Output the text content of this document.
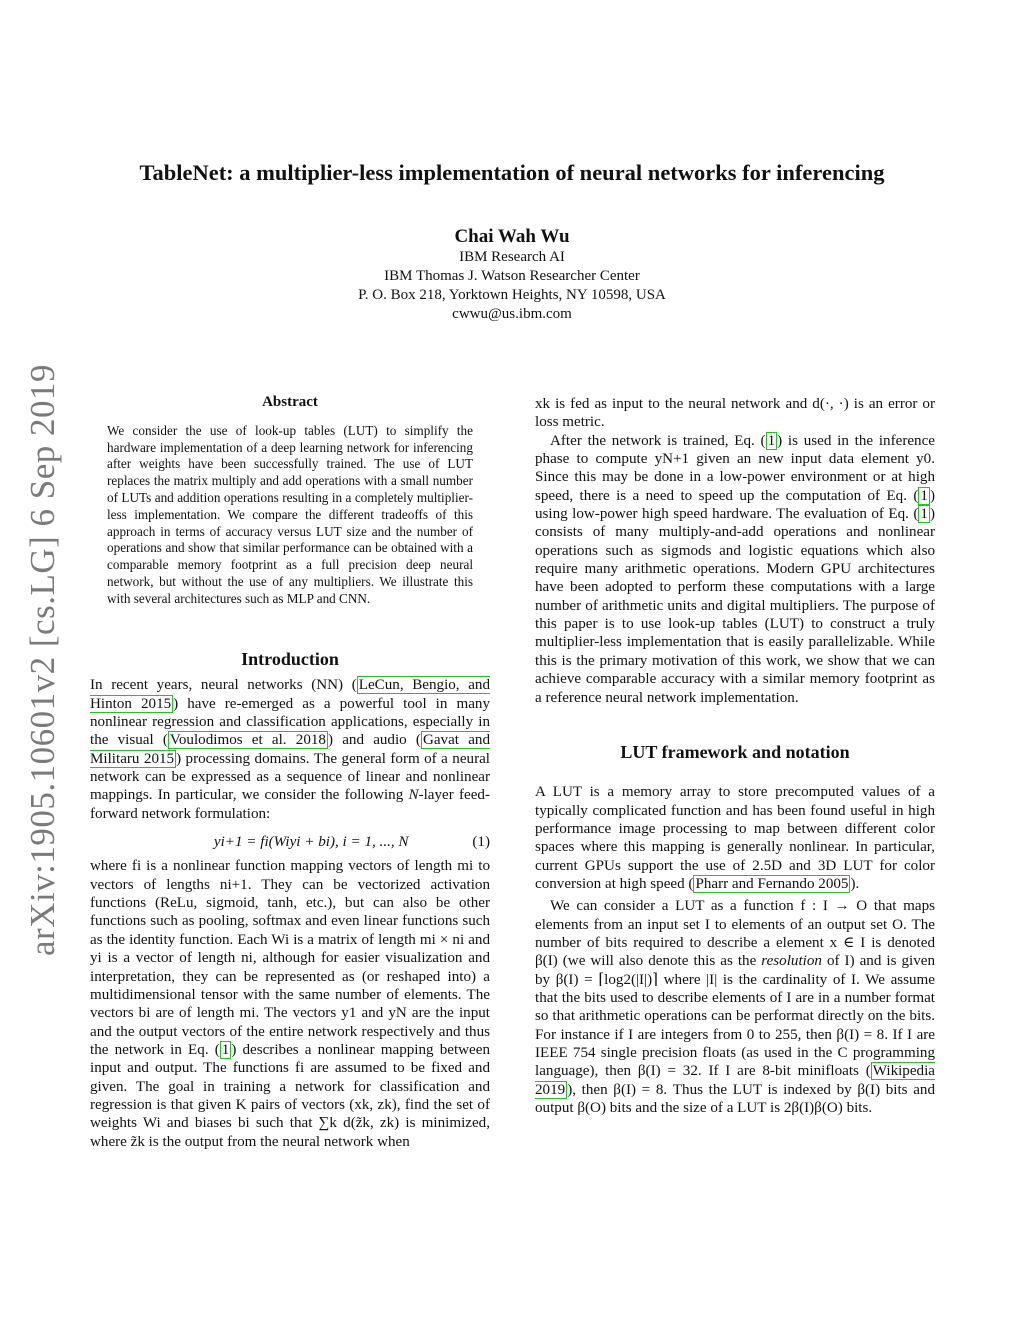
arXiv:1905.10601v2 [cs.LG] 6 Sep 2019
TableNet: a multiplier-less implementation of neural networks for inferencing
Chai Wah Wu
IBM Research AI
IBM Thomas J. Watson Researcher Center
P. O. Box 218, Yorktown Heights, NY 10598, USA
cwwu@us.ibm.com
Abstract

We consider the use of look-up tables (LUT) to simplify the hardware implementation of a deep learning network for inferencing after weights have been successfully trained. The use of LUT replaces the matrix multiply and add operations with a small number of LUTs and addition operations resulting in a completely multiplier-less implementation. We compare the different tradeoffs of this approach in terms of accuracy versus LUT size and the number of operations and show that similar performance can be obtained with a comparable memory footprint as a full precision deep neural network, but without the use of any multipliers. We illustrate this with several architectures such as MLP and CNN.

Introduction

In recent years, neural networks (NN) ( LeCun, Bengio, and Hinton 2015 ) have re-emerged as a powerful tool in many nonlinear regression and classification applications, especially in the visual ( Voulodimos et al. 2018 ) and audio ( Gavat and Militaru 2015 ) processing domains. The general form of a neural network can be expressed as a sequence of linear and nonlinear mappings. In particular, we consider the following N-layer feed-forward network formulation:

yi+1 = fi(Wiyi + bi), i = 1, ..., N	(1)

where fi is a nonlinear function mapping vectors of length mi to vectors of lengths ni+1. They can be vectorized activation functions (ReLu, sigmoid, tanh, etc.), but can also be other functions such as pooling, softmax and even linear functions such as the identity function. Each Wi is a matrix of length mi × ni and yi is a vector of length ni, although for easier visualization and interpretation, they can be represented as (or reshaped into) a multidimensional tensor with the same number of elements. The vectors bi are of length mi. The vectors y1 and yN are the input and the output vectors of the entire network respectively and thus the network in Eq. ( 1 ) describes a nonlinear mapping between input and output. The functions fi are assumed to be fixed and given. The goal in training a network for classification and regression is that given K pairs of vectors (xk, zk), find the set of weights Wi and biases bi such that ∑k d(z̃k, zk) is minimized, where z̃k is the output from the neural network when

xk is fed as input to the neural network and d(·, ·) is an error or loss metric.

After the network is trained, Eq. ( 1 ) is used in the inference phase to compute yN+1 given an new input data element y0. Since this may be done in a low-power environment or at high speed, there is a need to speed up the computation of Eq. ( 1 ) using low-power high speed hardware. The evaluation of Eq. ( 1 ) consists of many multiply-and-add operations and nonlinear operations such as sigmods and logistic equations which also require many arithmetic operations. Modern GPU architectures have been adopted to perform these computations with a large number of arithmetic units and digital multipliers. The purpose of this paper is to use look-up tables (LUT) to construct a truly multiplier-less implementation that is easily parallelizable. While this is the primary motivation of this work, we show that we can achieve comparable accuracy with a similar memory footprint as a reference neural network implementation.

LUT framework and notation

A LUT is a memory array to store precomputed values of a typically complicated function and has been found useful in high performance image processing to map between different color spaces where this mapping is generally nonlinear. In particular, current GPUs support the use of 2.5D and 3D LUT for color conversion at high speed ( Pharr and Fernando 2005 ).

We can consider a LUT as a function f : I → O that maps elements from an input set I to elements of an output set O. The number of bits required to describe a element x ∈ I is denoted β(I) (we will also denote this as the resolution of I) and is given by β(I) = ⌈log2(|I|)⌉ where |I| is the cardinality of I. We assume that the bits used to describe elements of I are in a number format so that arithmetic operations can be performat directly on the bits. For instance if I are integers from 0 to 255, then β(I) = 8. If I are IEEE 754 single precision floats (as used in the C programming language), then β(I) = 32. If I are 8-bit minifloats ( Wikipedia 2019 ), then β(I) = 8. Thus the LUT is indexed by β(I) bits and output β(O) bits and the size of a LUT is 2β(I)β(O) bits.
